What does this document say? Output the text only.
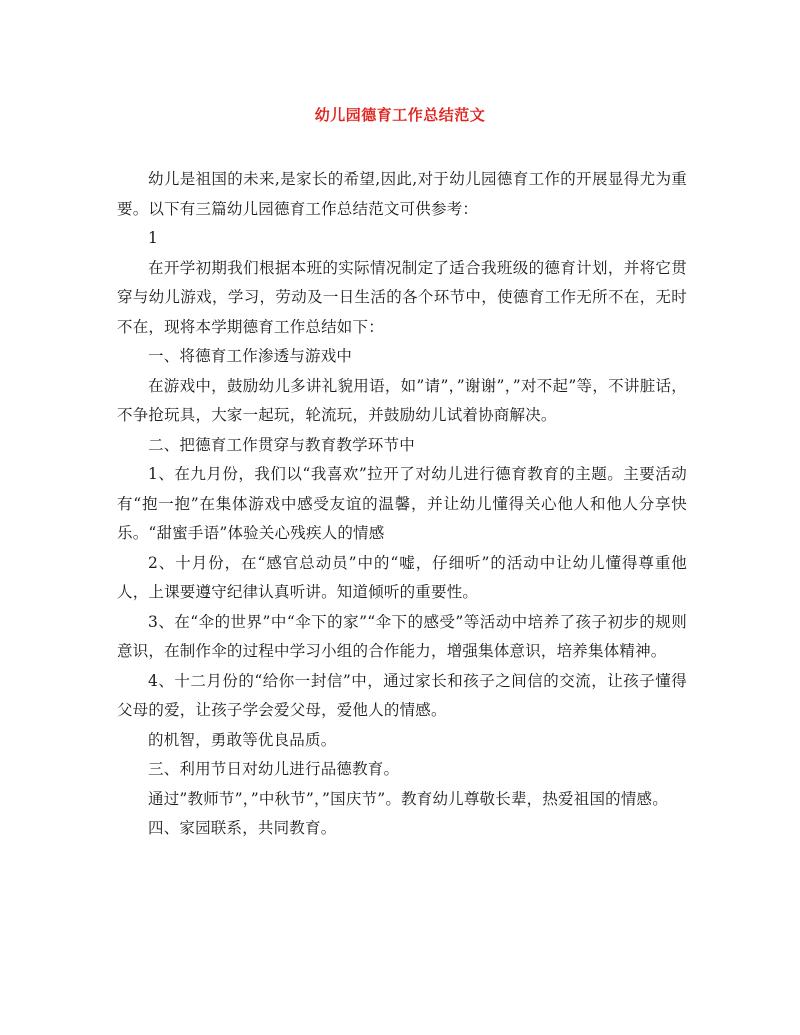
幼儿园德育工作总结范文

幼儿是祖国的未来,是家长的希望,因此,对于幼儿园德育工作的开展显得尤为重要。以下有三篇幼儿园德育工作总结范文可供参考：

1

在开学初期我们根据本班的实际情况制定了适合我班级的德育计划，并将它贯穿与幼儿游戏，学习，劳动及一日生活的各个环节中，使德育工作无所不在，无时不在，现将本学期德育工作总结如下：

一、将德育工作渗透与游戏中

在游戏中，鼓励幼儿多讲礼貌用语，如”请”，”谢谢”，”对不起”等，不讲脏话，不争抢玩具，大家一起玩，轮流玩，并鼓励幼儿试着协商解决。

二、把德育工作贯穿与教育教学环节中

1、在九月份，我们以“我喜欢”拉开了对幼儿进行德育教育的主题。主要活动有“抱一抱”在集体游戏中感受友谊的温馨，并让幼儿懂得关心他人和他人分享快乐。“甜蜜手语”体验关心残疾人的情感

2、十月份，在“感官总动员”中的“嘘，仔细听”的活动中让幼儿懂得尊重他人，上课要遵守纪律认真听讲。知道倾听的重要性。

3、在“伞的世界”中“伞下的家”“伞下的感受”等活动中培养了孩子初步的规则意识，在制作伞的过程中学习小组的合作能力，增强集体意识，培养集体精神。

4、十二月份的“给你一封信”中，通过家长和孩子之间信的交流，让孩子懂得父母的爱，让孩子学会爱父母，爱他人的情感。

的机智，勇敢等优良品质。

三、利用节日对幼儿进行品德教育。

通过”教师节”，”中秋节”，”国庆节”。教育幼儿尊敬长辈，热爱祖国的情感。

四、家园联系，共同教育。
